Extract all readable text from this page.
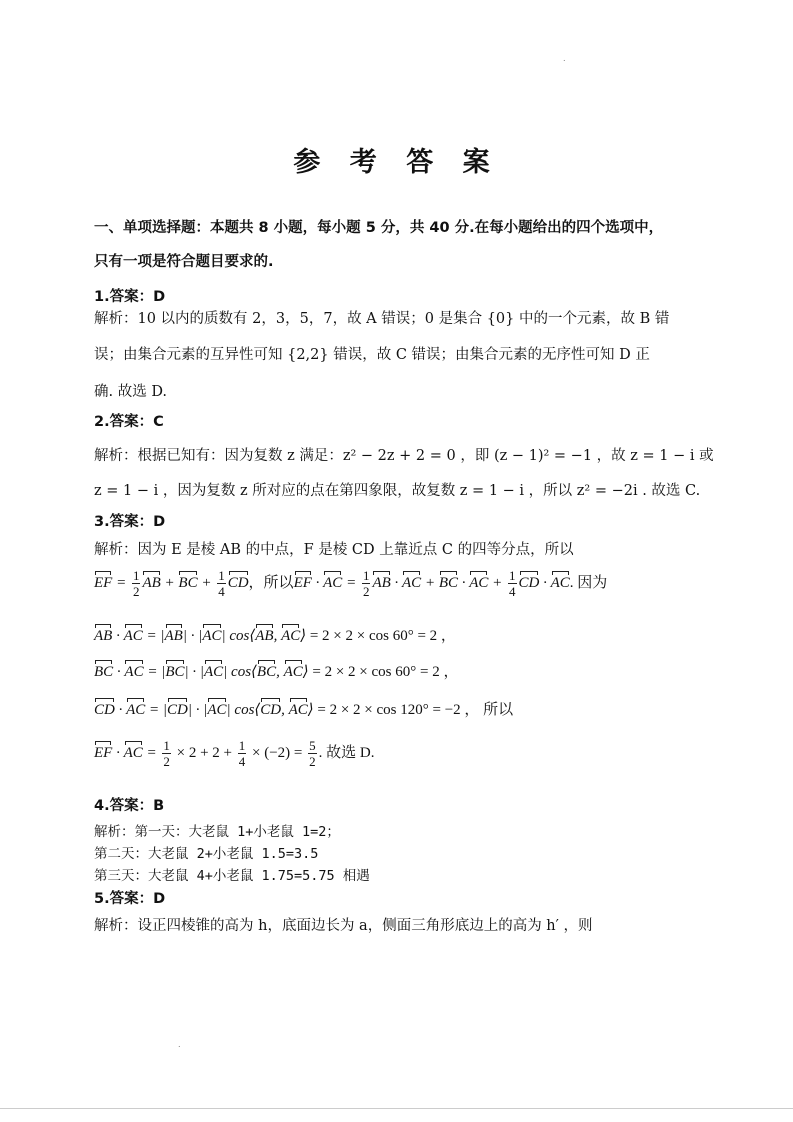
.
参 考 答 案
一、单项选择题：本题共 8 小题，每小题 5 分，共 40 分.在每小题给出的四个选项中，
只有一项是符合题目要求的.
1.答案：D
解析：10 以内的质数有 2，3，5，7，故 A 错误；0 是集合 {0} 中的一个元素，故 B 错
误；由集合元素的互异性可知 {2,2} 错误，故 C 错误；由集合元素的无序性可知 D 正
确. 故选 D.
2.答案：C
解析：根据已知有：因为复数 z 满足：z² − 2z + 2 = 0 ，即 (z − 1)² = −1 ，故 z = 1 − i 或
z = 1 − i ，因为复数 z 所对应的点在第四象限，故复数 z = 1 − i ，所以 z² = −2i . 故选 C.
3.答案：D
解析：因为 E 是棱 AB 的中点，F 是棱 CD 上靠近点 C 的四等分点，所以
EF = $\frac{1}{2}$ AB + BC + $\frac{1}{4}$ CD，所以EF · AC = $\frac{1}{2}$ AB · AC + BC · AC + $\frac{1}{4}$ CD · AC. 因为
AB · AC = |AB| · |AC| cos⟨AB, AC⟩ = 2 × 2 × cos 60° = 2 ，
BC · AC = |BC| · |AC| cos⟨BC, AC⟩ = 2 × 2 × cos 60° = 2 ，
CD · AC = |CD| · |AC| cos⟨CD, AC⟩ = 2 × 2 × cos 120° = −2 ， 所以
EF · AC = $\frac{1}{2} \times 2 + 2 + \frac{1}{4} \times (-2) = \frac{5}{2}$ . 故选 D.
4.答案：B
解析：第一天：大老鼠 1+小老鼠 1=2；
第二天：大老鼠 2+小老鼠 1.5=3.5
第三天：大老鼠 4+小老鼠 1.75=5.75 相遇
5.答案：D
解析：设正四棱锥的高为 h，底面边长为 a，侧面三角形底边上的高为 h′ ，则
.
